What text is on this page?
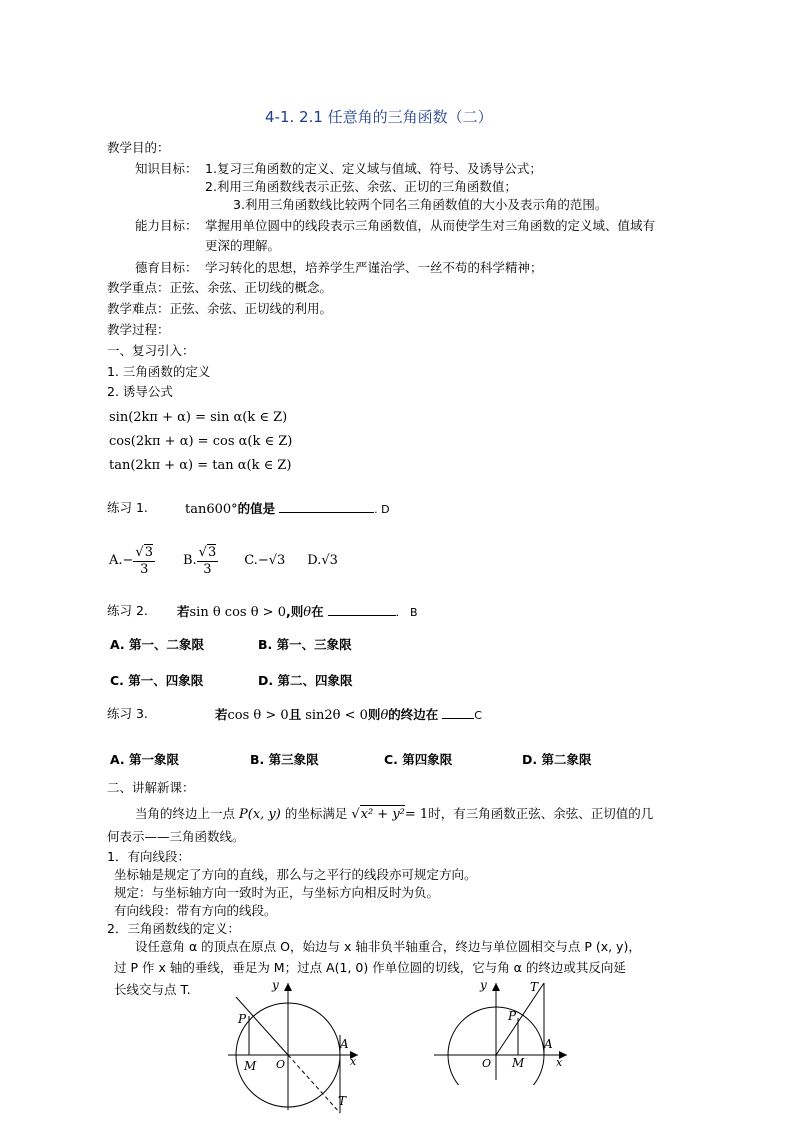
4-1. 2.1 任意角的三角函数（二）
教学目的：
知识目标： 1.复习三角函数的定义、定义域与值域、符号、及诱导公式；
2.利用三角函数线表示正弦、余弦、正切的三角函数值；
3.利用三角函数线比较两个同名三角函数值的大小及表示角的范围。
能力目标： 掌握用单位圆中的线段表示三角函数值，从而使学生对三角函数的定义域、值域有
更深的理解。
德育目标： 学习转化的思想，培养学生严谨治学、一丝不苟的科学精神；
教学重点：正弦、余弦、正切线的概念。
教学难点：正弦、余弦、正切线的利用。
教学过程：
一、复习引入：
1. 三角函数的定义
2. 诱导公式
sin(2kπ + α) = sin α(k ∈ Z)
cos(2kπ + α) = cos α(k ∈ Z)
tan(2kπ + α) = tan α(k ∈ Z)
练习 1.	tan600°的值是	. D
$A.- \frac{√3}{3} B$. $\frac{√3}{3} C.-√3$ D.√3
练习 2. 若sin θ cos θ > 0,则θ在	.　B
A. 第一、二象限	B. 第一、三象限
C. 第一、四象限	D. 第二、四象限
练习 3.	若cos θ > 0且 sin2θ < 0则θ的终边在	C
A. 第一象限	B. 第三象限	C. 第四象限	D. 第二象限
二、讲解新课：
当角的终边上一点 P(x, y) 的坐标满足 √x² + y²= 1时，有三角函数正弦、余弦、正切值的几
何表示——三角函数线。
1．有向线段：
坐标轴是规定了方向的直线，那么与之平行的线段亦可规定方向。
规定：与坐标轴方向一致时为正，与坐标方向相反时为负。
有向线段：带有方向的线段。
2．三角函数线的定义：
设任意角 α 的顶点在原点 O，始边与 x 轴非负半轴重合，终边与单位圆相交与点 P (x, y)，
过 P 作 x 轴的垂线，垂足为 M；过点 A(1, 0) 作单位圆的切线，它与角 α 的终边或其反向延
长线交与点 T.
P
M O
A
x
y
T
P
M
O
A
x
y	T
